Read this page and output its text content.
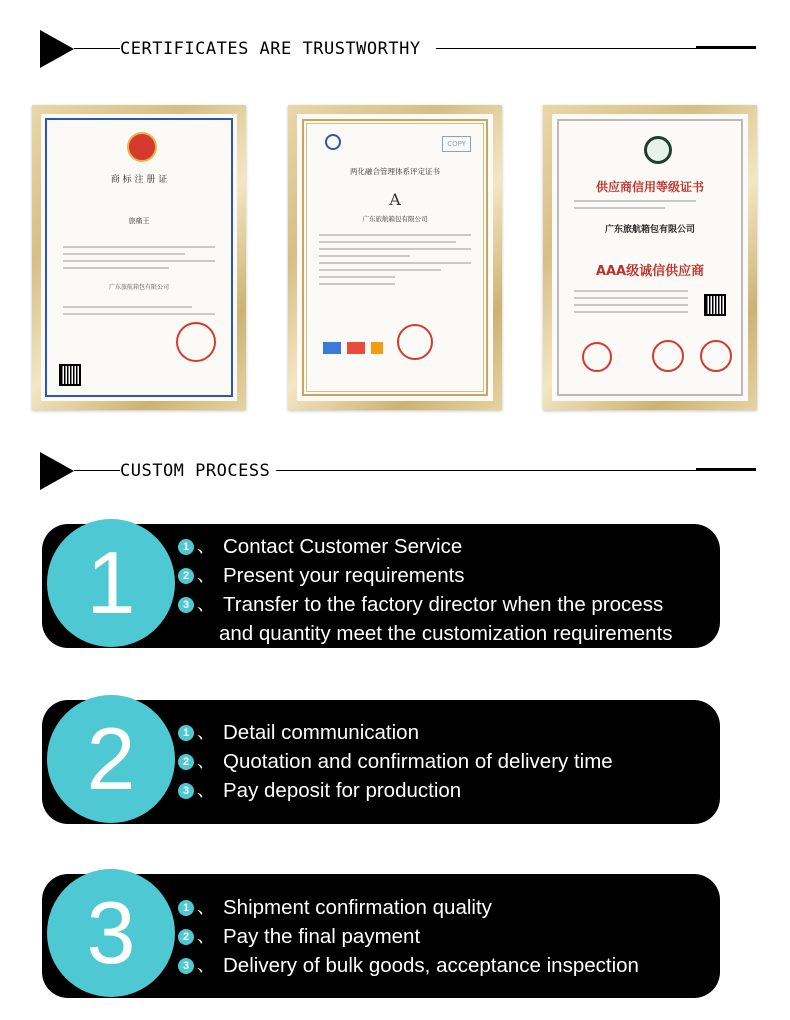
CERTIFICATES ARE TRUSTWORTHY
商 标 注 册 证
旅痛王
广东旅航箱包有限公司
COPY
两化融合管理体系评定证书
A
广东旅航箱包有限公司
供应商信用等级证书
广东旅航箱包有限公司
AAA级诚信供应商
CUSTOM PROCESS
1	1 、 Contact Customer Service
2 、 Present your requirements
3 、 Transfer to the factory director when the process
and quantity meet the customization requirements
2	1 、 Detail communication
2 、 Quotation and confirmation of delivery time
3 、 Pay deposit for production
3	1 、 Shipment confirmation quality
2 、 Pay the final payment
3 、 Delivery of bulk goods, acceptance inspection
